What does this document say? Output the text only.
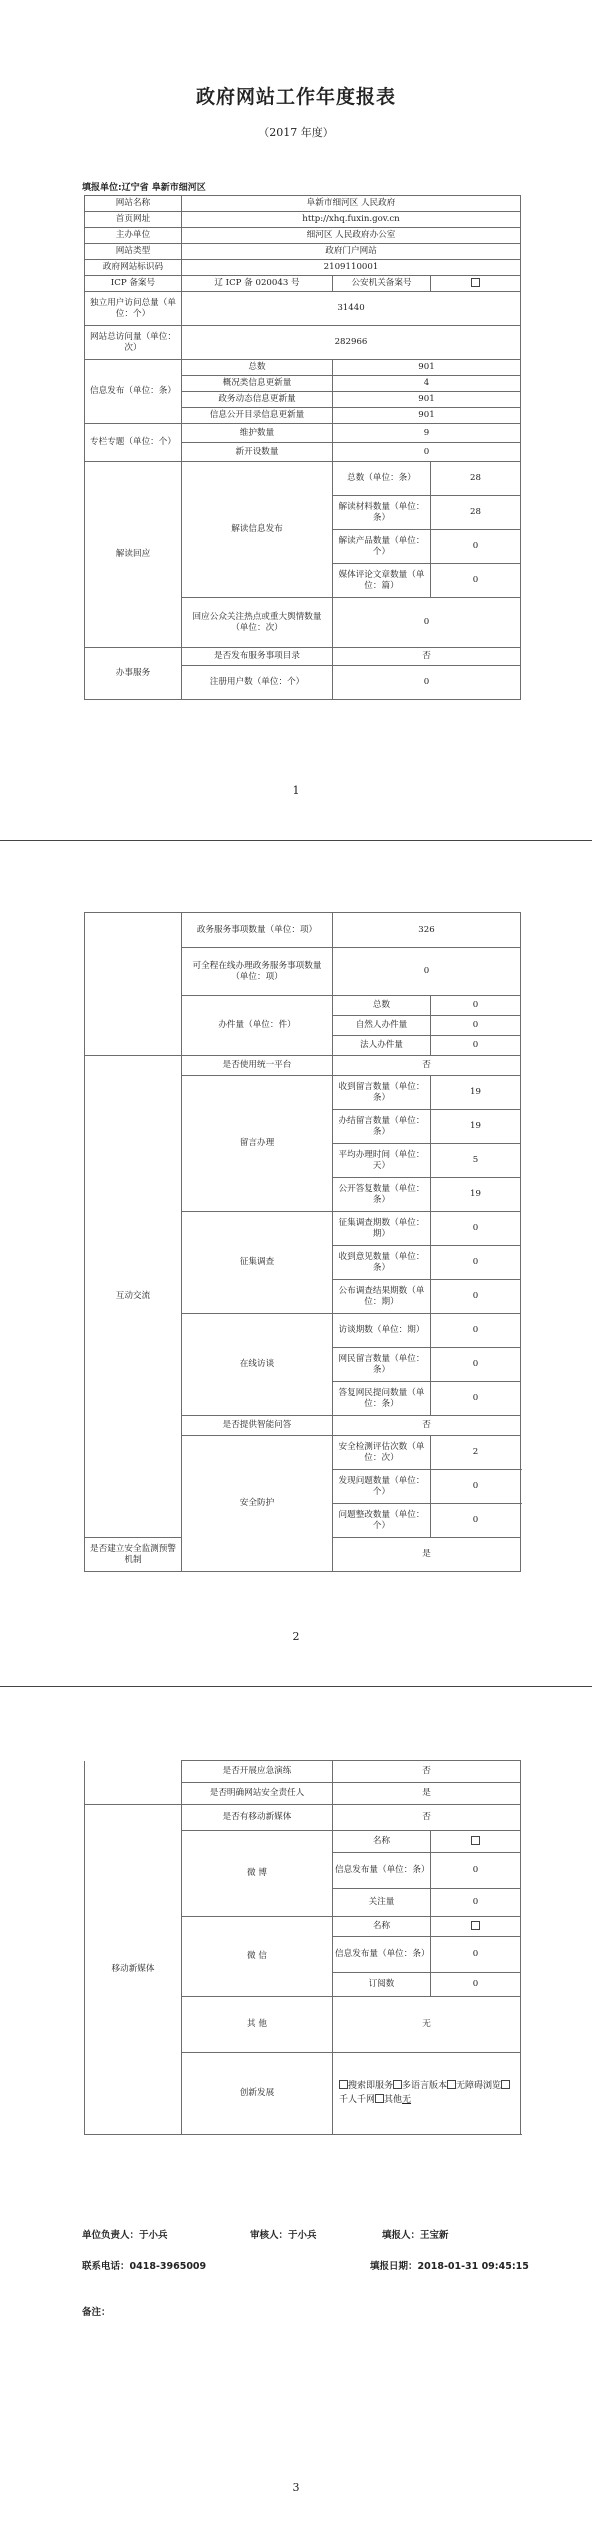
政府网站工作年度报表
（2017 年度）
填报单位:辽宁省 阜新市细河区
网站名称	阜新市细河区 人民政府		
首页网址	http://xhq.fuxin.gov.cn		
主办单位	细河区 人民政府办公室		
网站类型	政府门户网站		
政府网站标识码	2109110001		
ICP 备案号	辽 ICP 备 020043 号	公安机关备案号	
独立用户访问总量（单位：个）	31440		
网站总访问量（单位：次）	282966		
信息发布（单位：条）	总数	901	
	概况类信息更新量	4	
	政务动态信息更新量	901	
	信息公开目录信息更新量	901	
专栏专题（单位：个）	维护数量	9	
	新开设数量	0	
解读回应	解读信息发布	总数（单位：条）	28
		解读材料数量（单位：条）	28
		解读产品数量（单位：个）	0
		媒体评论文章数量（单位：篇）	0
	回应公众关注热点或重大舆情数量（单位：次）	0	
办事服务	是否发布服务事项目录	否	
	注册用户数（单位：个）	0	
1
	政务服务事项数量（单位：项）	326	
	可全程在线办理政务服务事项数量（单位：项）	0	
	办件量（单位：件）	总数	0
		自然人办件量	0
		法人办件量	0
互动交流	是否使用统一平台	否	
	留言办理	收到留言数量（单位：条）	19
		办结留言数量（单位：条）	19
		平均办理时间（单位：天）	5
		公开答复数量（单位：条）	19
	征集调查	征集调查期数（单位：期）	0
		收到意见数量（单位：条）	0
		公布调查结果期数（单位：期）	0
	在线访谈	访谈期数（单位：期）	0
		网民留言数量（单位：条）	0
		答复网民提问数量（单位：条）	0
	是否提供智能问答	否	
	安全防护	安全检测评估次数（单位：次）	2
		发现问题数量（单位：个）	0
		问题整改数量（单位：个）	0
是否建立安全监测预警机制		是	
2
	是否开展应急演练	否	
	是否明确网站安全责任人	是	
移动新媒体	是否有移动新媒体	否	
	微 博	名称	
		信息发布量（单位：条）	0
		关注量	0
	微 信	名称	
		信息发布量（单位：条）	0
		订阅数	0
	其 他	无	
	创新发展	搜索即服务 多语言版本 无障碍浏览千人千网 其他无	
单位负责人：于小兵	审核人：于小兵	填报人：王宝新
联系电话：0418-3965009	填报日期：2018-01-31 09:45:15
备注：
3
